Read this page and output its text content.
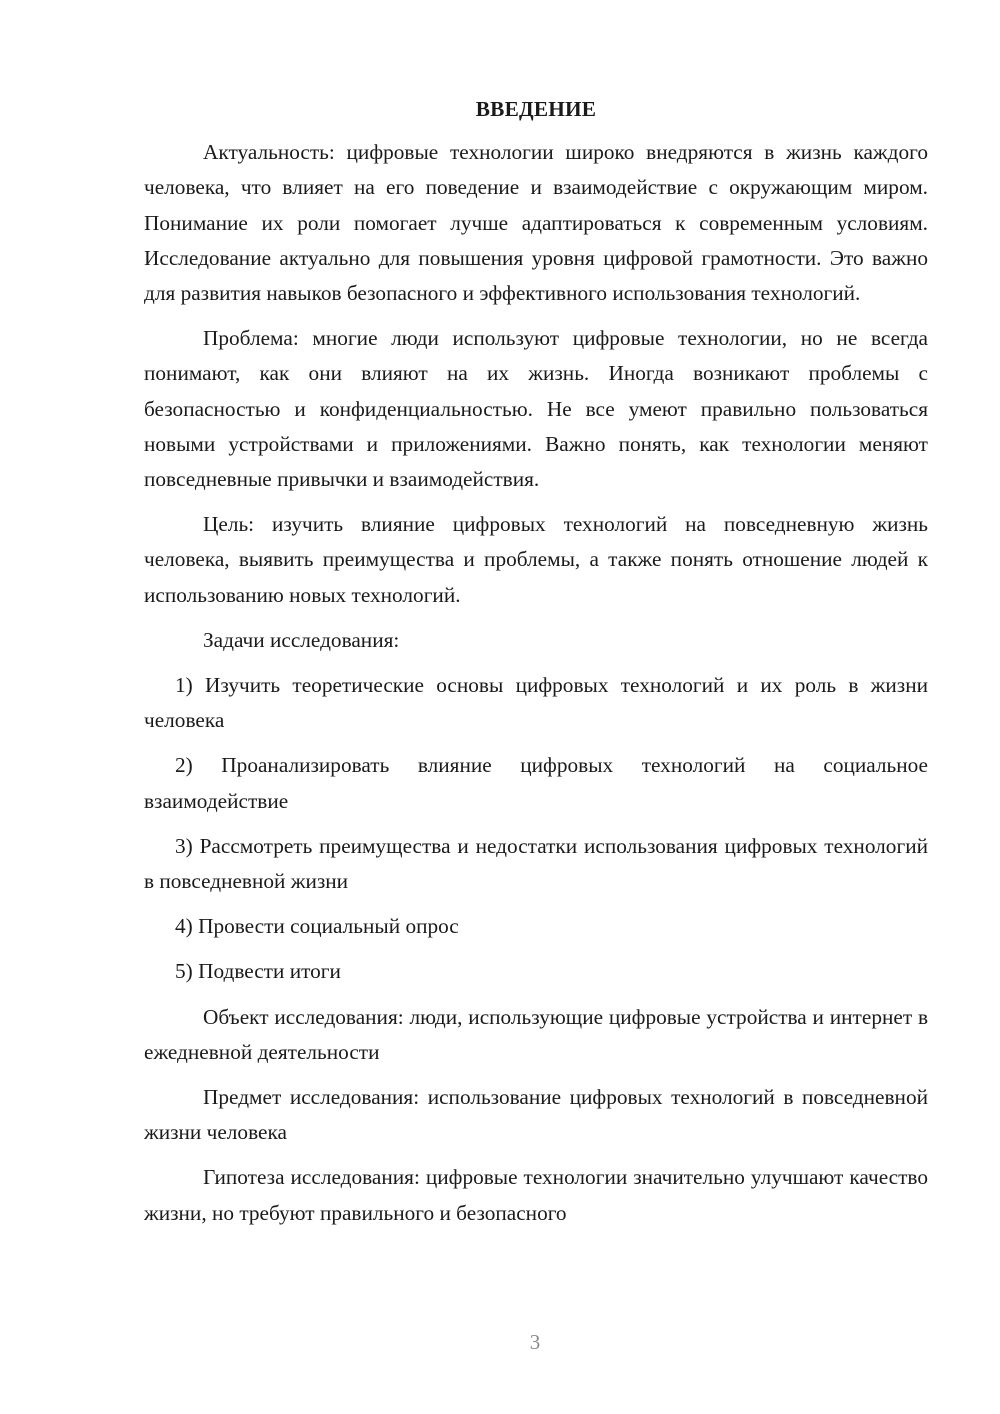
ВВЕДЕНИЕ

Актуальность: цифровые технологии широко внедряются в жизнь каждого человека, что влияет на его поведение и взаимодействие с окружающим миром. Понимание их роли помогает лучше адаптироваться к современным условиям. Исследование актуально для повышения уровня цифровой грамотности. Это важно для развития навыков безопасного и эффективного использования технологий.

Проблема: многие люди используют цифровые технологии, но не всегда понимают, как они влияют на их жизнь. Иногда возникают проблемы с безопасностью и конфиденциальностью. Не все умеют правильно пользоваться новыми устройствами и приложениями. Важно понять, как технологии меняют повседневные привычки и взаимодействия.

Цель: изучить влияние цифровых технологий на повседневную жизнь человека, выявить преимущества и проблемы, а также понять отношение людей к использованию новых технологий.

Задачи исследования:

1) Изучить теоретические основы цифровых технологий и их роль в жизни человека

2) Проанализировать влияние цифровых технологий на социальное взаимодействие

3) Рассмотреть преимущества и недостатки использования цифровых технологий в повседневной жизни

4) Провести социальный опрос

5) Подвести итоги

Объект исследования: люди, использующие цифровые устройства и интернет в ежедневной деятельности

Предмет исследования: использование цифровых технологий в повседневной жизни человека

Гипотеза исследования: цифровые технологии значительно улучшают качество жизни, но требуют правильного и безопасного

3
